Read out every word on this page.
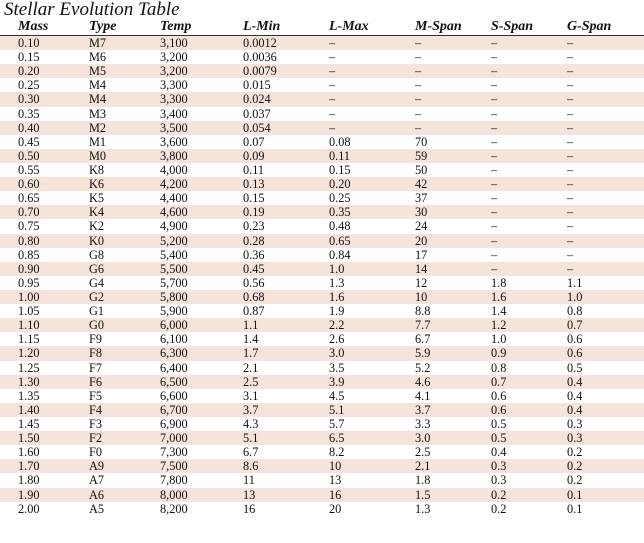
Stellar Evolution Table
	Mass	Type	Temp	L-Min	L-Max	M-Span	S-Span	G-Span
	0.10	M7	3,100	0.0012	–	–	–	–
	0.15	M6	3,200	0.0036	–	–	–	–
	0.20	M5	3,200	0.0079	–	–	–	–
	0.25	M4	3,300	0.015	–	–	–	–
	0.30	M4	3,300	0.024	–	–	–	–
	0.35	M3	3,400	0.037	–	–	–	–
	0.40	M2	3,500	0.054	–	–	–	–
	0.45	M1	3,600	0.07	0.08	70	–	–
	0.50	M0	3,800	0.09	0.11	59	–	–
	0.55	K8	4,000	0.11	0.15	50	–	–
	0.60	K6	4,200	0.13	0.20	42	–	–
	0.65	K5	4,400	0.15	0.25	37	–	–
	0.70	K4	4,600	0.19	0.35	30	–	–
	0.75	K2	4,900	0.23	0.48	24	–	–
	0.80	K0	5,200	0.28	0.65	20	–	–
	0.85	G8	5,400	0.36	0.84	17	–	–
	0.90	G6	5,500	0.45	1.0	14	–	–
	0.95	G4	5,700	0.56	1.3	12	1.8	1.1
	1.00	G2	5,800	0.68	1.6	10	1.6	1.0
	1.05	G1	5,900	0.87	1.9	8.8	1.4	0.8
	1.10	G0	6,000	1.1	2.2	7.7	1.2	0.7
	1.15	F9	6,100	1.4	2.6	6.7	1.0	0.6
	1.20	F8	6,300	1.7	3.0	5.9	0.9	0.6
	1.25	F7	6,400	2.1	3.5	5.2	0.8	0.5
	1.30	F6	6,500	2.5	3.9	4.6	0.7	0.4
	1.35	F5	6,600	3.1	4.5	4.1	0.6	0.4
	1.40	F4	6,700	3.7	5.1	3.7	0.6	0.4
	1.45	F3	6,900	4.3	5.7	3.3	0.5	0.3
	1.50	F2	7,000	5.1	6.5	3.0	0.5	0.3
	1.60	F0	7,300	6.7	8.2	2.5	0.4	0.2
	1.70	A9	7,500	8.6	10	2.1	0.3	0.2
	1.80	A7	7,800	11	13	1.8	0.3	0.2
	1.90	A6	8,000	13	16	1.5	0.2	0.1
	2.00	A5	8,200	16	20	1.3	0.2	0.1
